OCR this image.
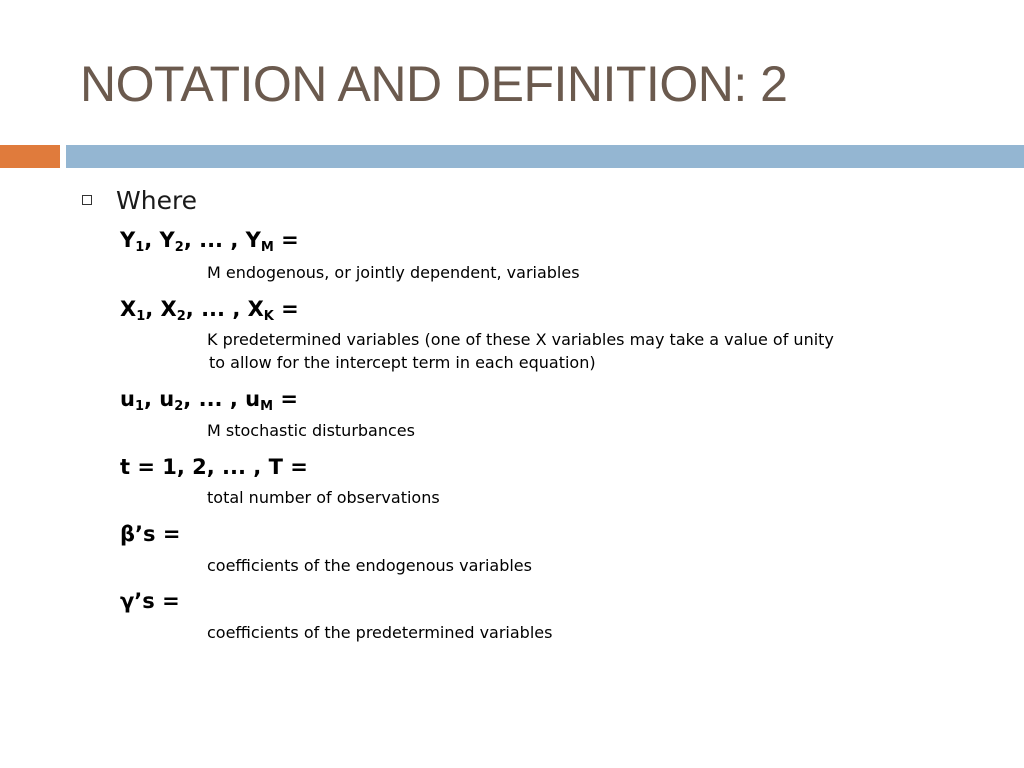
NOTATION AND DEFINITION: 2
Where
$Y_1$, $Y_2$, ... , $Y_M$ =
M endogenous, or jointly dependent, variables
$X_1$, $X_2$, ... , $X_K$ =
K predetermined variables (one of these X variables may take a value of unity
to allow for the intercept term in each equation)
$u_1$, $u_2$, ... , $u_M$ =
M stochastic disturbances
t = 1, 2, ... , T =
total number of observations
β’s =
coefficients of the endogenous variables
γ’s =
coefficients of the predetermined variables
